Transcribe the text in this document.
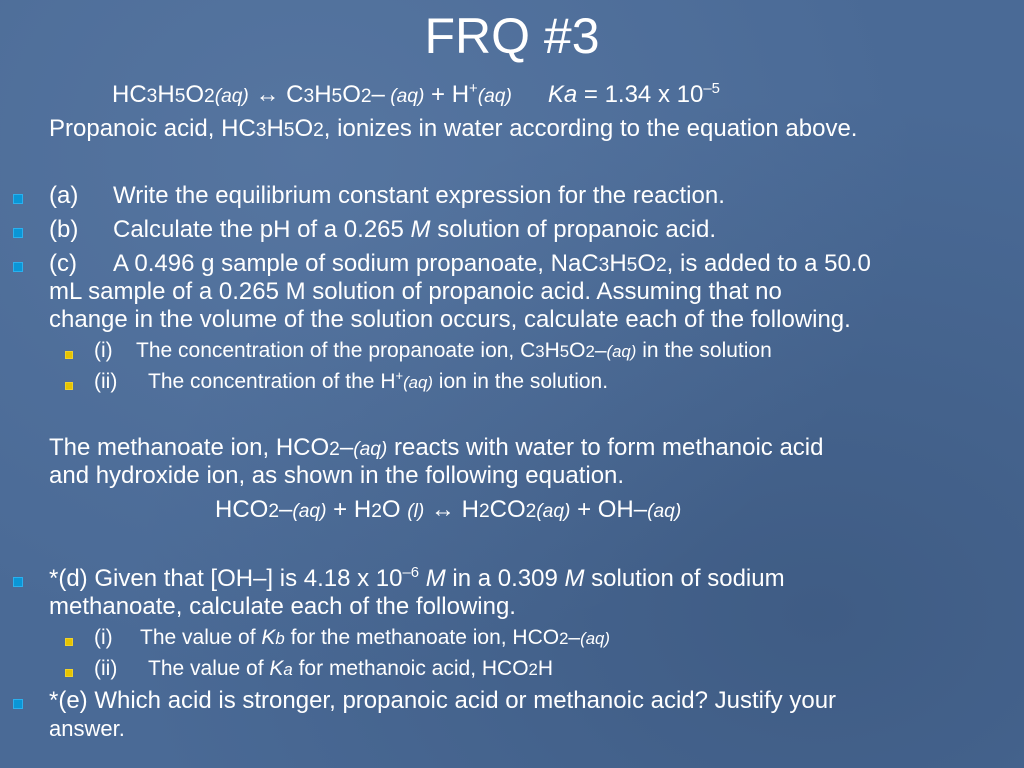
FRQ #3
HC3H5O2(aq) ↔ C3H5O2– (aq) + H+(aq) Ka = 1.34 x $10^{-5}$
Propanoic acid, HC3H5O2, ionizes in water according to the equation above.
(a) Write the equilibrium constant expression for the reaction.
(b) Calculate the pH of a 0.265 M solution of propanoic acid.
(c) A 0.496 g sample of sodium propanoate, NaC3H5O2, is added to a 50.0
mL sample of a 0.265 M solution of propanoic acid. Assuming that no
change in the volume of the solution occurs, calculate each of the following.
(i) The concentration of the propanoate ion, C3H5O2–(aq) in the solution
(ii) The concentration of the H+(aq) ion in the solution.
The methanoate ion, HCO2–(aq) reacts with water to form methanoic acid
and hydroxide ion, as shown in the following equation.
HCO2–(aq) + H2O (l) ↔ H2CO2(aq) + OH–(aq)
*(d) Given that [OH–] is 4.18 x $10^{-6}$ M in a 0.309 M solution of sodium
methanoate, calculate each of the following.
(i) The value of Kb for the methanoate ion, HCO2–(aq)
(ii) The value of Ka for methanoic acid, HCO2H
*(e) Which acid is stronger, propanoic acid or methanoic acid? Justify your
answer.
